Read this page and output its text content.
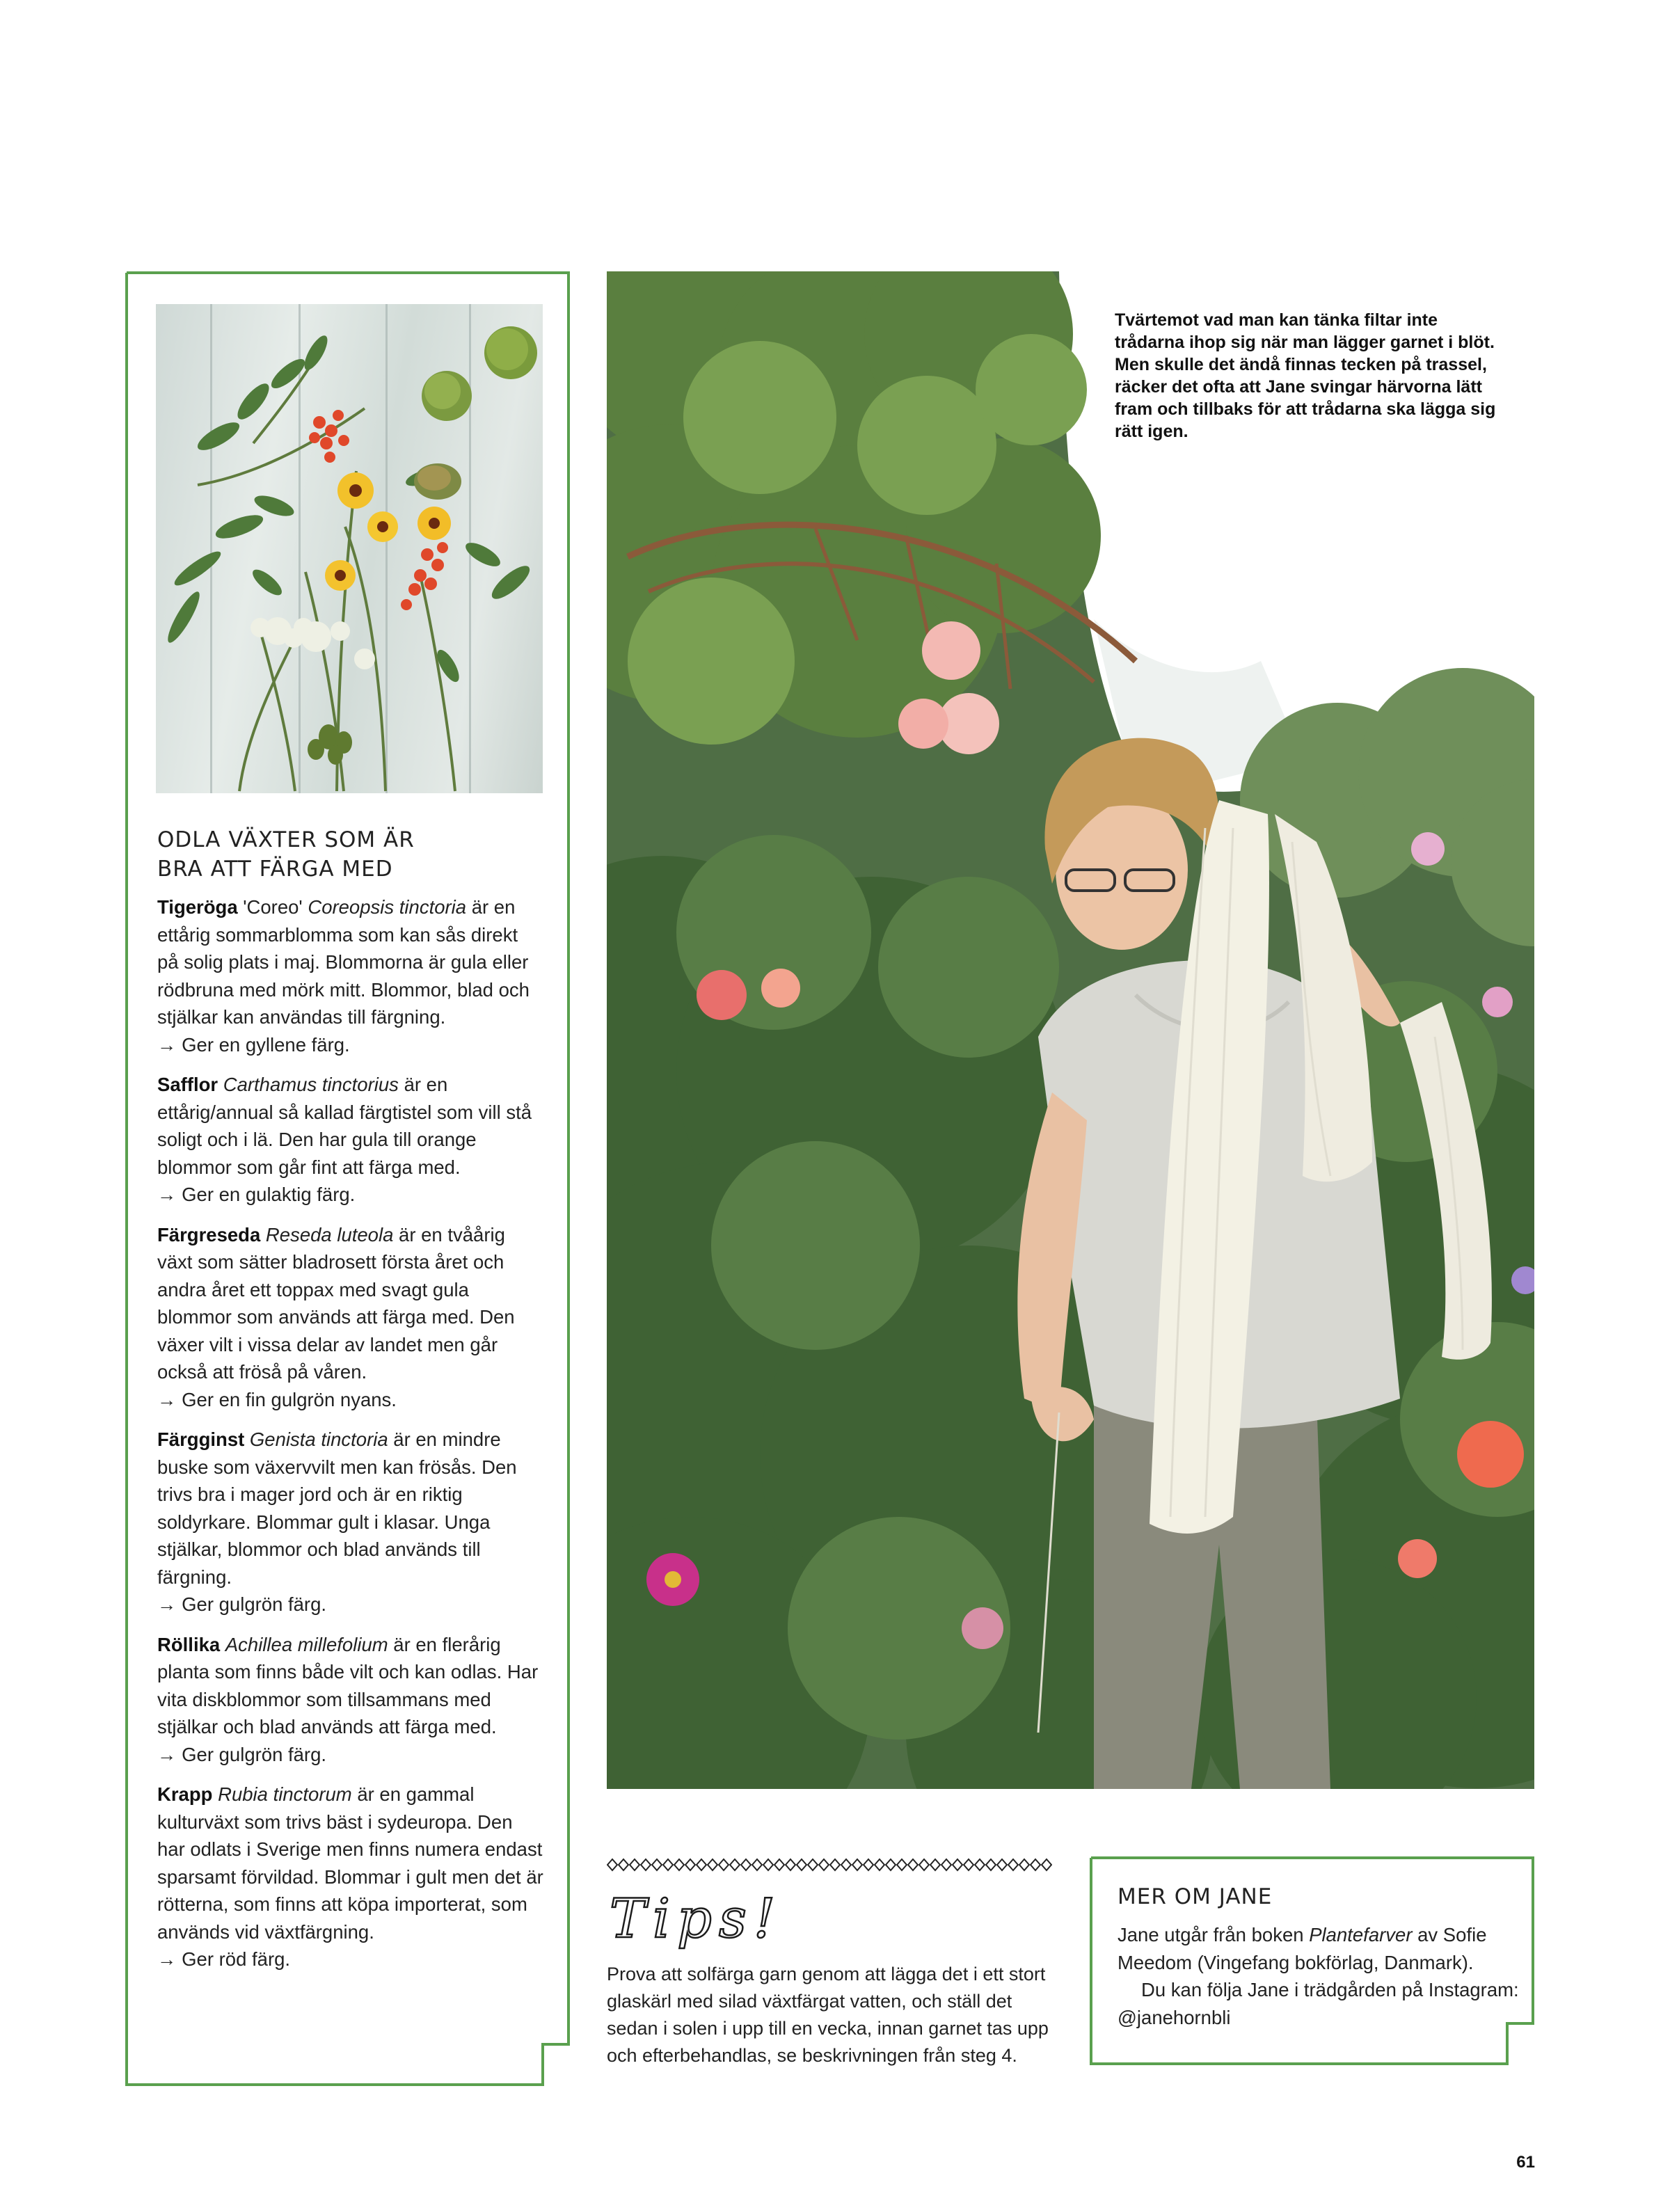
ODLA VÄXTER SOM ÄR BRA ATT FÄRGA MED

Tigeröga 'Coreo' Coreopsis tinctoria är en ettårig sommarblomma som kan sås direkt på solig plats i maj. Blommorna är gula eller rödbruna med mörk mitt. Blommor, blad och stjälkar kan användas till färgning.
→ Ger en gyllene färg.

Safflor Carthamus tinctorius är en ettårig/annual så kallad färgtistel som vill stå soligt och i lä. Den har gula till orange blommor som går fint att färga med.
→ Ger en gulaktig färg.

Färgreseda Reseda luteola är en tvåårig växt som sätter bladrosett första året och andra året ett toppax med svagt gula blommor som används att färga med. Den växer vilt i vissa delar av landet men går också att fröså på våren.
→ Ger en fin gulgrön nyans.

Färgginst Genista tinctoria är en mindre buske som växervvilt men kan frösås. Den trivs bra i mager jord och är en riktig soldyrkare. Blommar gult i klasar. Unga stjälkar, blommor och blad används till färgning.
→ Ger gulgrön färg.

Röllika Achillea millefolium är en flerårig planta som finns både vilt och kan odlas. Har vita diskblommor som tillsammans med stjälkar och blad används att färga med.
→ Ger gulgrön färg.

Krapp Rubia tinctorum är en gammal kulturväxt som trivs bäst i sydeuropa. Den har odlats i Sverige men finns numera endast sparsamt förvildad. Blommar i gult men det är rötterna, som finns att köpa importerat, som används vid växtfärgning.
→ Ger röd färg.

Tvärtemot vad man kan tänka filtar inte trådarna ihop sig när man lägger garnet i blöt. Men skulle det ändå finnas tecken på trassel, räcker det ofta att Jane svingar härvorna lätt fram och tillbaks för att trådarna ska lägga sig rätt igen.

Tips!

Prova att solfärga garn genom att lägga det i ett stort glaskärl med silad växtfärgat vatten, och ställ det sedan i solen i upp till en vecka, innan garnet tas upp och efterbehandlas, se beskrivningen från steg 4.

MER OM JANE

Jane utgår från boken Plantefarver av Sofie Meedom (Vingefang bokförlag, Danmark).

Du kan följa Jane i trädgården på Instagram: @janehornbli

61
